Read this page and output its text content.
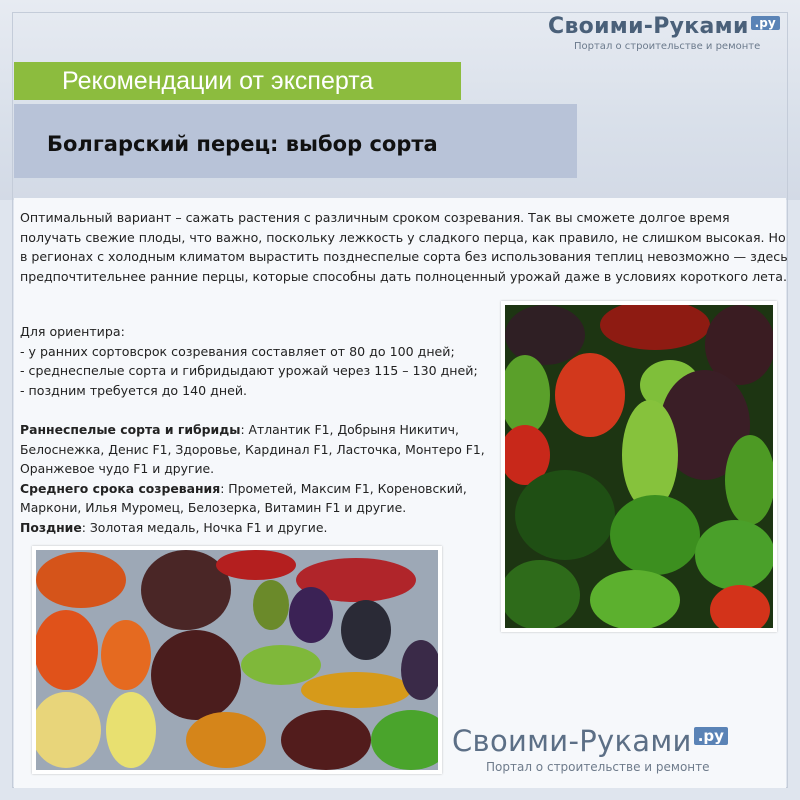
Своими-Руками .ру
Портал о строительстве и ремонте
Рекомендации от эксперта
Болгарский перец: выбор сорта
Оптимальный вариант – сажать растения с различным сроком созревания. Так вы сможете долгое время получать свежие плоды, что важно, поскольку лежкость у сладкого перца, как правило, не слишком высокая. Но в регионах с холодным климатом вырастить позднеспелые сорта без использования теплиц невозможно — здесь предпочтительнее ранние перцы, которые способны дать полноценный урожай даже в условиях короткого лета.
Для ориентира:
- у ранних сортовсрок созревания составляет от 80 до 100 дней;
- среднеспелые сорта и гибридыдают урожай через 115 – 130 дней;
- поздним требуется до 140 дней.
Раннеспелые сорта и гибриды: Атлантик F1, Добрыня Никитич, Белоснежка, Денис F1, Здоровье, Кардинал F1, Ласточка, Монтеро F1, Оранжевое чудо F1 и другие.
Среднего срока созревания: Прометей, Максим F1, Кореновский, Маркони, Илья Муромец, Белозерка, Витамин F1 и другие.
Поздние: Золотая медаль, Ночка F1 и другие.
Своими-Руками .ру
Портал о строительстве и ремонте
